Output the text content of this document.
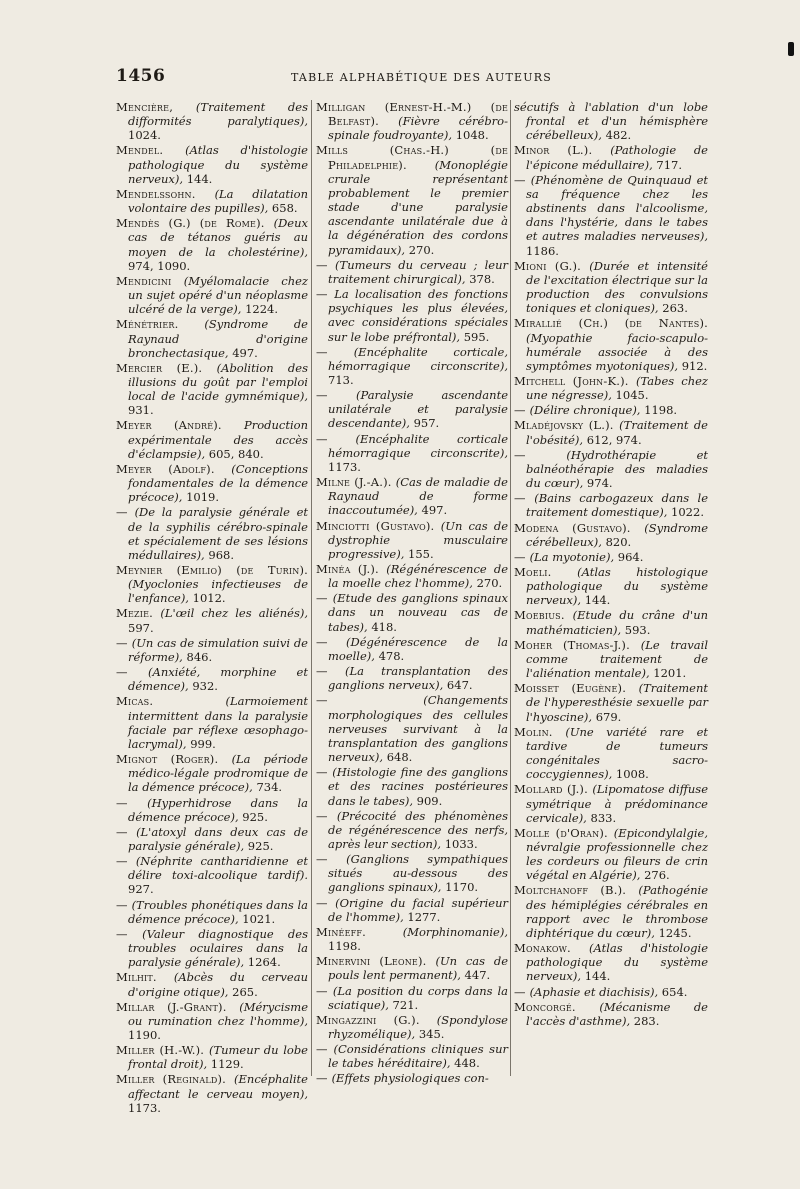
1456	TABLE ALPHABÉTIQUE DES AUTEURS

Mencière, (Traitement des difformités paralytiques), 1024.

Mendel. (Atlas d'histologie pathologique du système nerveux), 144.

Mendelssohn. (La dilatation volontaire des pupilles), 658.

Mendès (G.) (de Rome). (Deux cas de tétanos guéris au moyen de la cholestérine), 974, 1090.

Mendicini (Myélomalacie chez un sujet opéré d'un néoplasme ulcéré de la verge), 1224.

Ménétrier. (Syndrome de Raynaud d'origine bronchectasique, 497.

Mercier (E.). (Abolition des illusions du goût par l'emploi local de l'acide gymnémique), 931.

Meyer (André). Production expérimentale des accès d'éclampsie), 605, 840.

Meyer (Adolf). (Conceptions fondamentales de la démence précoce), 1019.

— (De la paralysie générale et de la syphilis cérébro-spinale et spécialement de ses lésions médullaires), 968.

Meynier (Emilio) (de Turin). (Myoclonies infectieuses de l'enfance), 1012.

Mezie. (L'œil chez les aliénés), 597.

— (Un cas de simulation suivi de réforme), 846.

— (Anxiété, morphine et démence), 932.

Micas. (Larmoiement intermittent dans la paralysie faciale par réflexe œsophago-lacrymal), 999.

Mignot (Roger). (La période médico-légale prodromique de la démence précoce), 734.

— (Hyperhidrose dans la démence précoce), 925.

— (L'atoxyl dans deux cas de paralysie générale), 925.

— (Néphrite cantharidienne et délire toxi-alcoolique tardif). 927.

— (Troubles phonétiques dans la démence précoce), 1021.

— (Valeur diagnostique des troubles oculaires dans la paralysie générale), 1264.

Milhit. (Abcès du cerveau d'origine otique), 265.

Millar (J.-Grant). (Mérycisme ou rumination chez l'homme), 1190.

Miller (H.-W.). (Tumeur du lobe frontal droit), 1129.

Miller (Reginald). (Encéphalite affectant le cerveau moyen), 1173.

Milligan (Ernest-H.-M.) (de Belfast). (Fièvre cérébro-spinale foudroyante), 1048.

Mills (Chas.-H.) (de Philadelphie). (Monoplégie crurale représentant probablement le premier stade d'une paralysie ascendante unilatérale due à la dégénération des cordons pyramidaux), 270.

— (Tumeurs du cerveau ; leur traitement chirurgical), 378.

— La localisation des fonctions psychiques les plus élevées, avec considérations spéciales sur le lobe préfrontal), 595.

— (Encéphalite corticale, hémorragique circonscrite), 713.

— (Paralysie ascendante unilatérale et paralysie descendante), 957.

— (Encéphalite corticale hémorragique circonscrite), 1173.

Milne (J.-A.). (Cas de maladie de Raynaud de forme inaccoutumée), 497.

Minciotti (Gustavo). (Un cas de dystrophie musculaire progressive), 155.

Minéa (J.). (Régénérescence de la moelle chez l'homme), 270.

— (Etude des ganglions spinaux dans un nouveau cas de tabes), 418.

— (Dégénérescence de la moelle), 478.

— (La transplantation des ganglions nerveux), 647.

— (Changements morphologiques des cellules nerveuses survivant à la transplantation des ganglions nerveux), 648.

— (Histologie fine des ganglions et des racines postérieures dans le tabes), 909.

— (Précocité des phénomènes de régénérescence des nerfs, après leur section), 1033.

— (Ganglions sympathiques situés au-dessous des ganglions spinaux), 1170.

— (Origine du facial supérieur de l'homme), 1277.

Minéeff. (Morphinomanie), 1198.

Minervini (Leone). (Un cas de pouls lent permanent), 447.

— (La position du corps dans la sciatique), 721.

Mingazzini (G.). (Spondylose rhyzomélique), 345.

— (Considérations cliniques sur le tabes héréditaire), 448.

— (Effets physiologiques con-

sécutifs à l'ablation d'un lobe frontal et d'un hémisphère cérébelleux), 482.

Minor (L.). (Pathologie de l'épicone médullaire), 717.

— (Phénomène de Quinquaud et sa fréquence chez les abstinents dans l'alcoolisme, dans l'hystérie, dans le tabes et autres maladies nerveuses), 1186.

Mioni (G.). (Durée et intensité de l'excitation électrique sur la production des convulsions toniques et cloniques), 263.

Mirallié (Ch.) (de Nantes). (Myopathie facio-scapulo-humérale associée à des symptômes myotoniques), 912.

Mitchell (John-K.). (Tabes chez une négresse), 1045.

— (Délire chronique), 1198.

Mladéjovsky (L.). (Traitement de l'obésité), 612, 974.

— (Hydrothérapie et balnéothérapie des maladies du cœur), 974.

— (Bains carbogazeux dans le traitement domestique), 1022.

Modena (Gustavo). (Syndrome cérébelleux), 820.

— (La myotonie), 964.

Moeli. (Atlas histologique pathologique du système nerveux), 144.

Moebius. (Etude du crâne d'un mathématicien), 593.

Moher (Thomas-J.). (Le travail comme traitement de l'aliénation mentale), 1201.

Moisset (Eugène). (Traitement de l'hyperesthésie sexuelle par l'hyoscine), 679.

Molin. (Une variété rare et tardive de tumeurs congénitales sacro-coccygiennes), 1008.

Mollard (J.). (Lipomatose diffuse symétrique à prédominance cervicale), 833.

Molle (d'Oran). (Epicondylalgie, névralgie professionnelle chez les cordeurs ou fileurs de crin végétal en Algérie), 276.

Moltchanoff (B.). (Pathogénie des hémiplégies cérébrales en rapport avec le thrombose diphtérique du cœur), 1245.

Monakow. (Atlas d'histologie pathologique du système nerveux), 144.

— (Aphasie et diachisis), 654.

Moncorgé. (Mécanisme de l'accès d'asthme), 283.
